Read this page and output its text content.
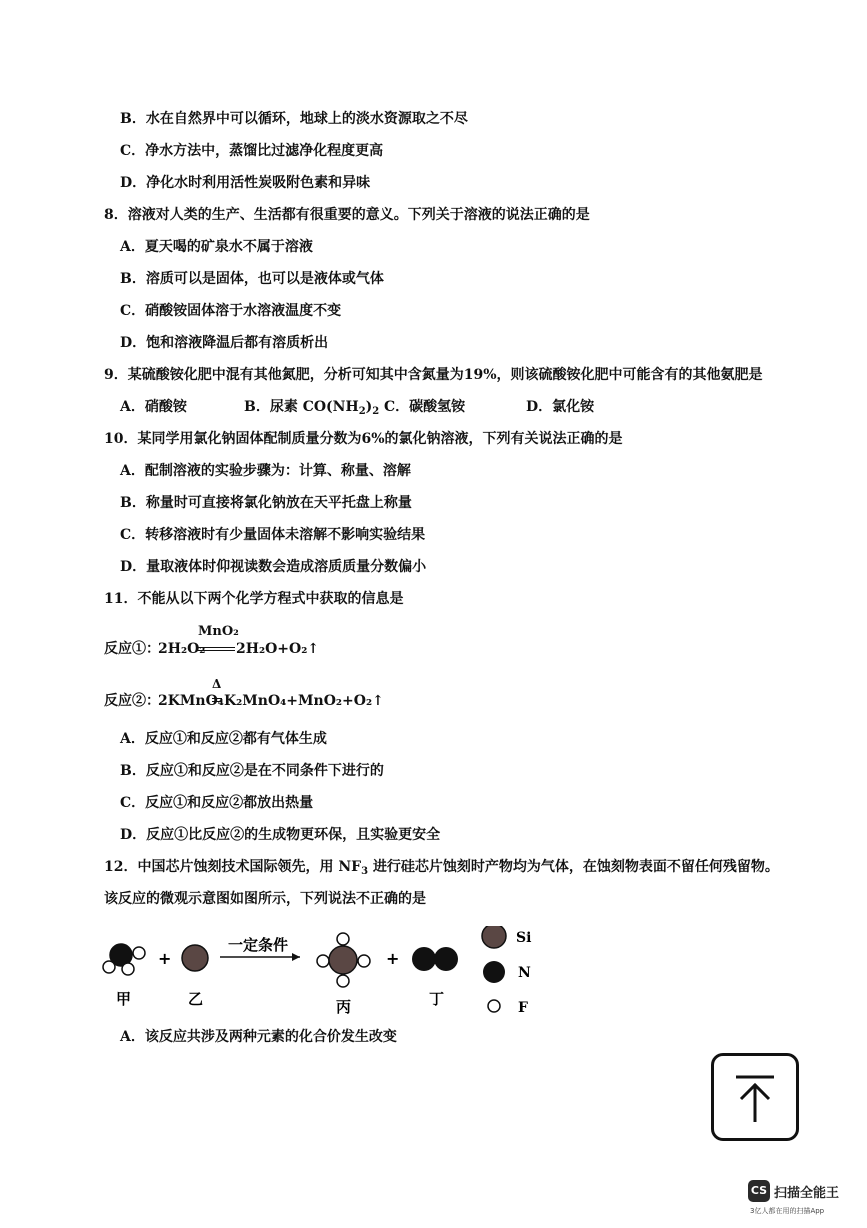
B．水在自然界中可以循环，地球上的淡水资源取之不尽
C．净水方法中，蒸馏比过滤净化程度更高
D．净化水时利用活性炭吸附色素和异味
8．溶液对人类的生产、生活都有很重要的意义。下列关于溶液的说法正确的是
A．夏天喝的矿泉水不属于溶液
B．溶质可以是固体，也可以是液体或气体
C．硝酸铵固体溶于水溶液温度不变
D．饱和溶液降温后都有溶质析出
9．某硫酸铵化肥中混有其他氮肥，分析可知其中含氮量为19%，则该硫酸铵化肥中可能含有的其他氨肥是
A．硝酸铵	B．尿素 $CO(NH_2)_2$ C．碳酸氢铵	D．氯化铵
10．某同学用氯化钠固体配制质量分数为6%的氯化钠溶液，下列有关说法正确的是
A．配制溶液的实验步骤为：计算、称量、溶解
B．称量时可直接将氯化钠放在天平托盘上称量
C．转移溶液时有少量固体未溶解不影响实验结果
D．量取液体时仰视读数会造成溶质质量分数偏小
11．不能从以下两个化学方程式中获取的信息是
反应①：
2H₂O₂
MnO₂
2H₂O+O₂↑
反应②：
2KMnO₄
Δ
K₂MnO₄+MnO₂+O₂↑
A．反应①和反应②都有气体生成
B．反应①和反应②是在不同条件下进行的
C．反应①和反应②都放出热量
D．反应①比反应②的生成物更环保，且实验更安全
12．中国芯片蚀刻技术国际领先，用 $NF_3$ 进行硅芯片蚀刻时产物均为气体，在蚀刻物表面不留任何残留物。
该反应的微观示意图如图所示，下列说法不正确的是
+
一定条件
+
甲	乙	丙	丁
Si
N
F
A．该反应共涉及两种元素的化合价发生改变
CS 扫描全能王
3亿人都在用的扫描App
